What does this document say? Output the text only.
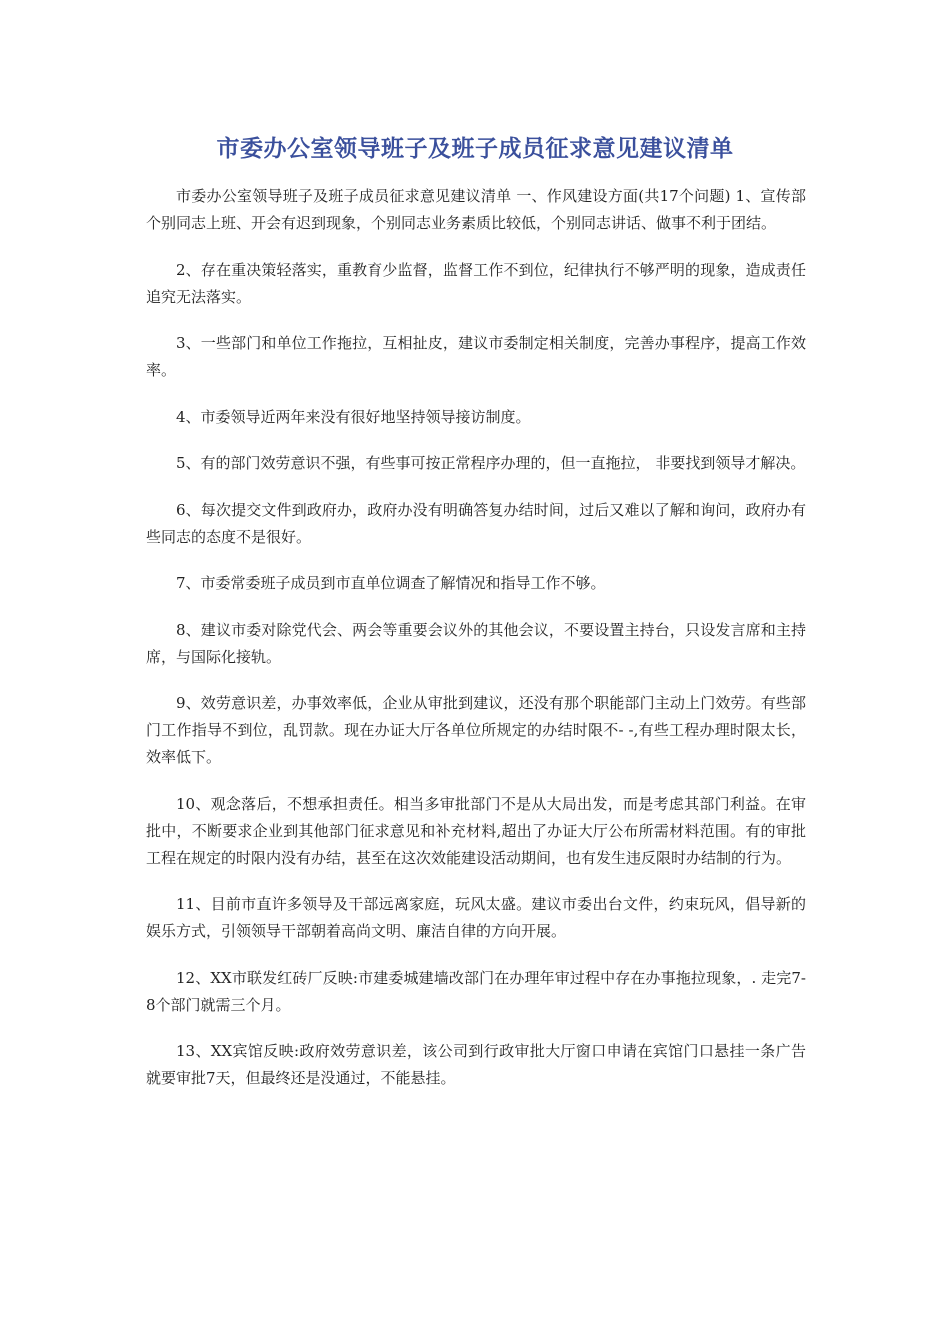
市委办公室领导班子及班子成员征求意见建议清单

市委办公室领导班子及班子成员征求意见建议清单 一、作风建设方面(共17个问题) 1、宣传部个别同志上班、开会有迟到现象，个别同志业务素质比较低，个别同志讲话、做事不利于团结。

2、存在重决策轻落实，重教育少监督，监督工作不到位，纪律执行不够严明的现象，造成责任追究无法落实。

3、一些部门和单位工作拖拉，互相扯皮，建议市委制定相关制度，完善办事程序，提高工作效率。

4、市委领导近两年来没有很好地坚持领导接访制度。

5、有的部门效劳意识不强，有些事可按正常程序办理的，但一直拖拉， 非要找到领导才解决。

6、每次提交文件到政府办，政府办没有明确答复办结时间，过后又难以了解和询问，政府办有些同志的态度不是很好。

7、市委常委班子成员到市直单位调查了解情况和指导工作不够。

8、建议市委对除党代会、两会等重要会议外的其他会议，不要设置主持台，只设发言席和主持席，与国际化接轨。

9、效劳意识差，办事效率低，企业从审批到建议，还没有那个职能部门主动上门效劳。有些部门工作指导不到位，乱罚款。现在办证大厅各单位所规定的办结时限不- -,有些工程办理时限太长，效率低下。

10、观念落后，不想承担责任。相当多审批部门不是从大局出发，而是考虑其部门利益。在审批中，不断要求企业到其他部门征求意见和补充材料,超出了办证大厅公布所需材料范围。有的审批工程在规定的时限内没有办结，甚至在这次效能建设活动期间，也有发生违反限时办结制的行为。

11、目前市直许多领导及干部远离家庭，玩风太盛。建议市委出台文件，约束玩风，倡导新的娱乐方式，引领领导干部朝着高尚文明、廉洁自律的方向开展。

12、XX市联发红砖厂反映:市建委城建墙改部门在办理年审过程中存在办事拖拉现象，. 走完7-8个部门就需三个月。

13、XX宾馆反映:政府效劳意识差，该公司到行政审批大厅窗口申请在宾馆门口悬挂一条广告就要审批7天，但最终还是没通过，不能悬挂。
